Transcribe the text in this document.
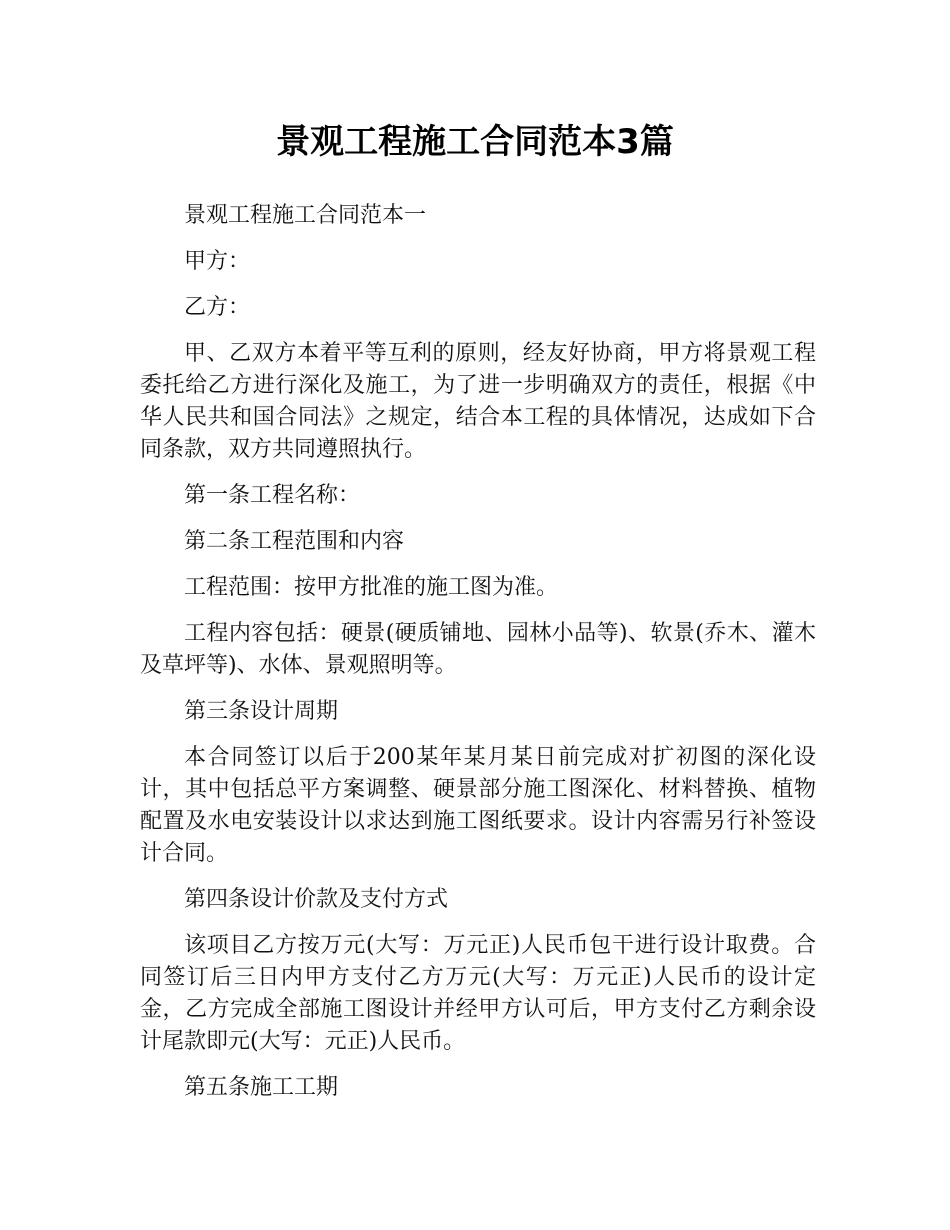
景观工程施工合同范本3篇

景观工程施工合同范本一

甲方：

乙方：

甲、乙双方本着平等互利的原则，经友好协商，甲方将景观工程委托给乙方进行深化及施工，为了进一步明确双方的责任，根据《中华人民共和国合同法》之规定，结合本工程的具体情况，达成如下合同条款，双方共同遵照执行。

第一条工程名称：

第二条工程范围和内容

工程范围：按甲方批准的施工图为准。

工程内容包括：硬景(硬质铺地、园林小品等)、软景(乔木、灌木及草坪等)、水体、景观照明等。

第三条设计周期

本合同签订以后于200某年某月某日前完成对扩初图的深化设计，其中包括总平方案调整、硬景部分施工图深化、材料替换、植物配置及水电安装设计以求达到施工图纸要求。设计内容需另行补签设计合同。

第四条设计价款及支付方式

该项目乙方按万元(大写：万元正)人民币包干进行设计取费。合同签订后三日内甲方支付乙方万元(大写：万元正)人民币的设计定金，乙方完成全部施工图设计并经甲方认可后，甲方支付乙方剩余设计尾款即元(大写：元正)人民币。

第五条施工工期
